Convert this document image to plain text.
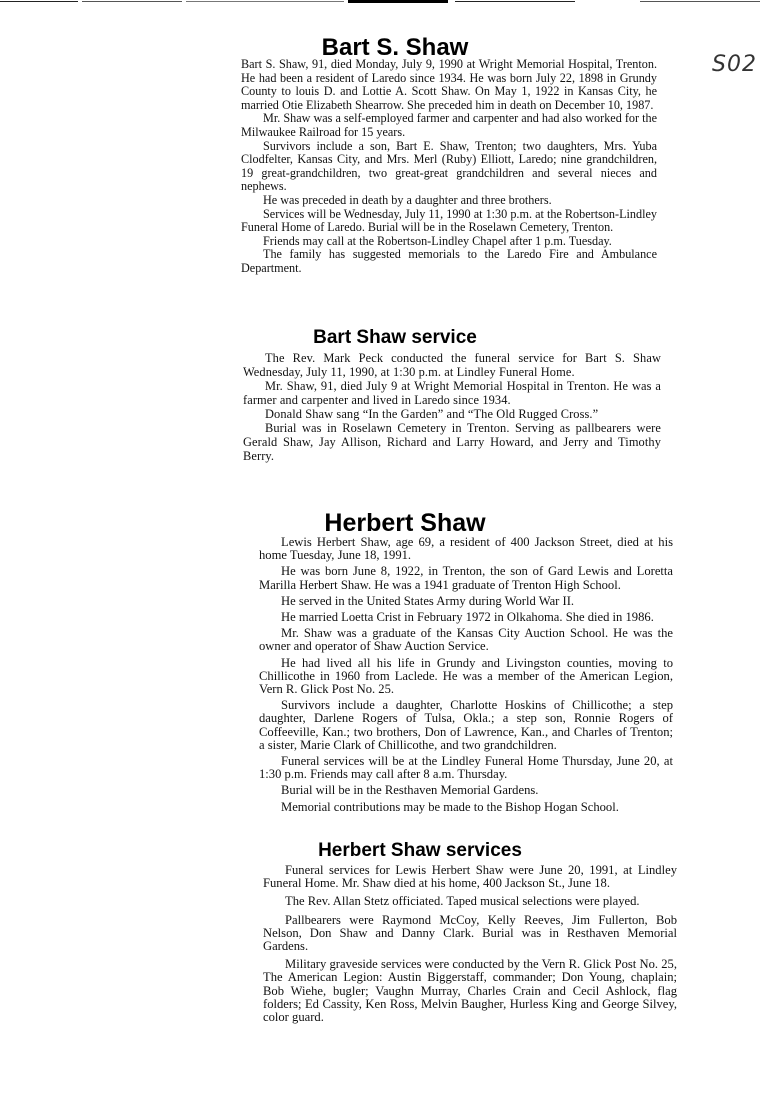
S02
Bart S. Shaw

Bart S. Shaw, 91, died Monday, July 9, 1990 at Wright Memorial Hospital, Trenton. He had been a resident of Laredo since 1934. He was born July 22, 1898 in Grundy County to louis D. and Lottie A. Scott Shaw. On May 1, 1922 in Kansas City, he married Otie Elizabeth Shearrow. She preceded him in death on December 10, 1987.

Mr. Shaw was a self-employed farmer and carpenter and had also worked for the Milwaukee Railroad for 15 years.

Survivors include a son, Bart E. Shaw, Trenton; two daughters, Mrs. Yuba Clodfelter, Kansas City, and Mrs. Merl (Ruby) Elliott, Laredo; nine grandchildren, 19 great-grandchildren, two great-great grandchildren and several nieces and nephews.

He was preceded in death by a daughter and three brothers.

Services will be Wednesday, July 11, 1990 at 1:30 p.m. at the Robertson-Lindley Funeral Home of Laredo. Burial will be in the Roselawn Cemetery, Trenton.

Friends may call at the Robertson-Lindley Chapel after 1 p.m. Tuesday.

The family has suggested memorials to the Laredo Fire and Ambulance Department.

Bart Shaw service

The Rev. Mark Peck conducted the funeral service for Bart S. Shaw Wednesday, July 11, 1990, at 1:30 p.m. at Lindley Funeral Home.

Mr. Shaw, 91, died July 9 at Wright Memorial Hospital in Trenton. He was a farmer and carpenter and lived in Laredo since 1934.

Donald Shaw sang “In the Garden” and “The Old Rugged Cross.”

Burial was in Roselawn Cemetery in Trenton. Serving as pallbearers were Gerald Shaw, Jay Allison, Richard and Larry Howard, and Jerry and Timothy Berry.

Herbert Shaw

Lewis Herbert Shaw, age 69, a resident of 400 Jackson Street, died at his home Tuesday, June 18, 1991.

He was born June 8, 1922, in Trenton, the son of Gard Lewis and Loretta Marilla Herbert Shaw. He was a 1941 graduate of Trenton High School.

He served in the United States Army during World War II.

He married Loetta Crist in February 1972 in Olkahoma. She died in 1986.

Mr. Shaw was a graduate of the Kansas City Auction School. He was the owner and operator of Shaw Auction Service.

He had lived all his life in Grundy and Livingston counties, moving to Chillicothe in 1960 from Laclede. He was a member of the American Legion, Vern R. Glick Post No. 25.

Survivors include a daughter, Charlotte Hoskins of Chillicothe; a step daughter, Darlene Rogers of Tulsa, Okla.; a step son, Ronnie Rogers of Coffeeville, Kan.; two brothers, Don of Lawrence, Kan., and Charles of Trenton; a sister, Marie Clark of Chillicothe, and two grandchildren.

Funeral services will be at the Lindley Funeral Home Thursday, June 20, at 1:30 p.m. Friends may call after 8 a.m. Thursday.

Burial will be in the Resthaven Memorial Gardens.

Memorial contributions may be made to the Bishop Hogan School.

Herbert Shaw services

Funeral services for Lewis Herbert Shaw were June 20, 1991, at Lindley Funeral Home. Mr. Shaw died at his home, 400 Jackson St., June 18.

The Rev. Allan Stetz officiated. Taped musical selections were played.

Pallbearers were Raymond McCoy, Kelly Reeves, Jim Fullerton, Bob Nelson, Don Shaw and Danny Clark. Burial was in Resthaven Memorial Gardens.

Military graveside services were conducted by the Vern R. Glick Post No. 25, The American Legion: Austin Biggerstaff, commander; Don Young, chaplain; Bob Wiehe, bugler; Vaughn Murray, Charles Crain and Cecil Ashlock, flag folders; Ed Cassity, Ken Ross, Melvin Baugher, Hurless King and George Silvey, color guard.
